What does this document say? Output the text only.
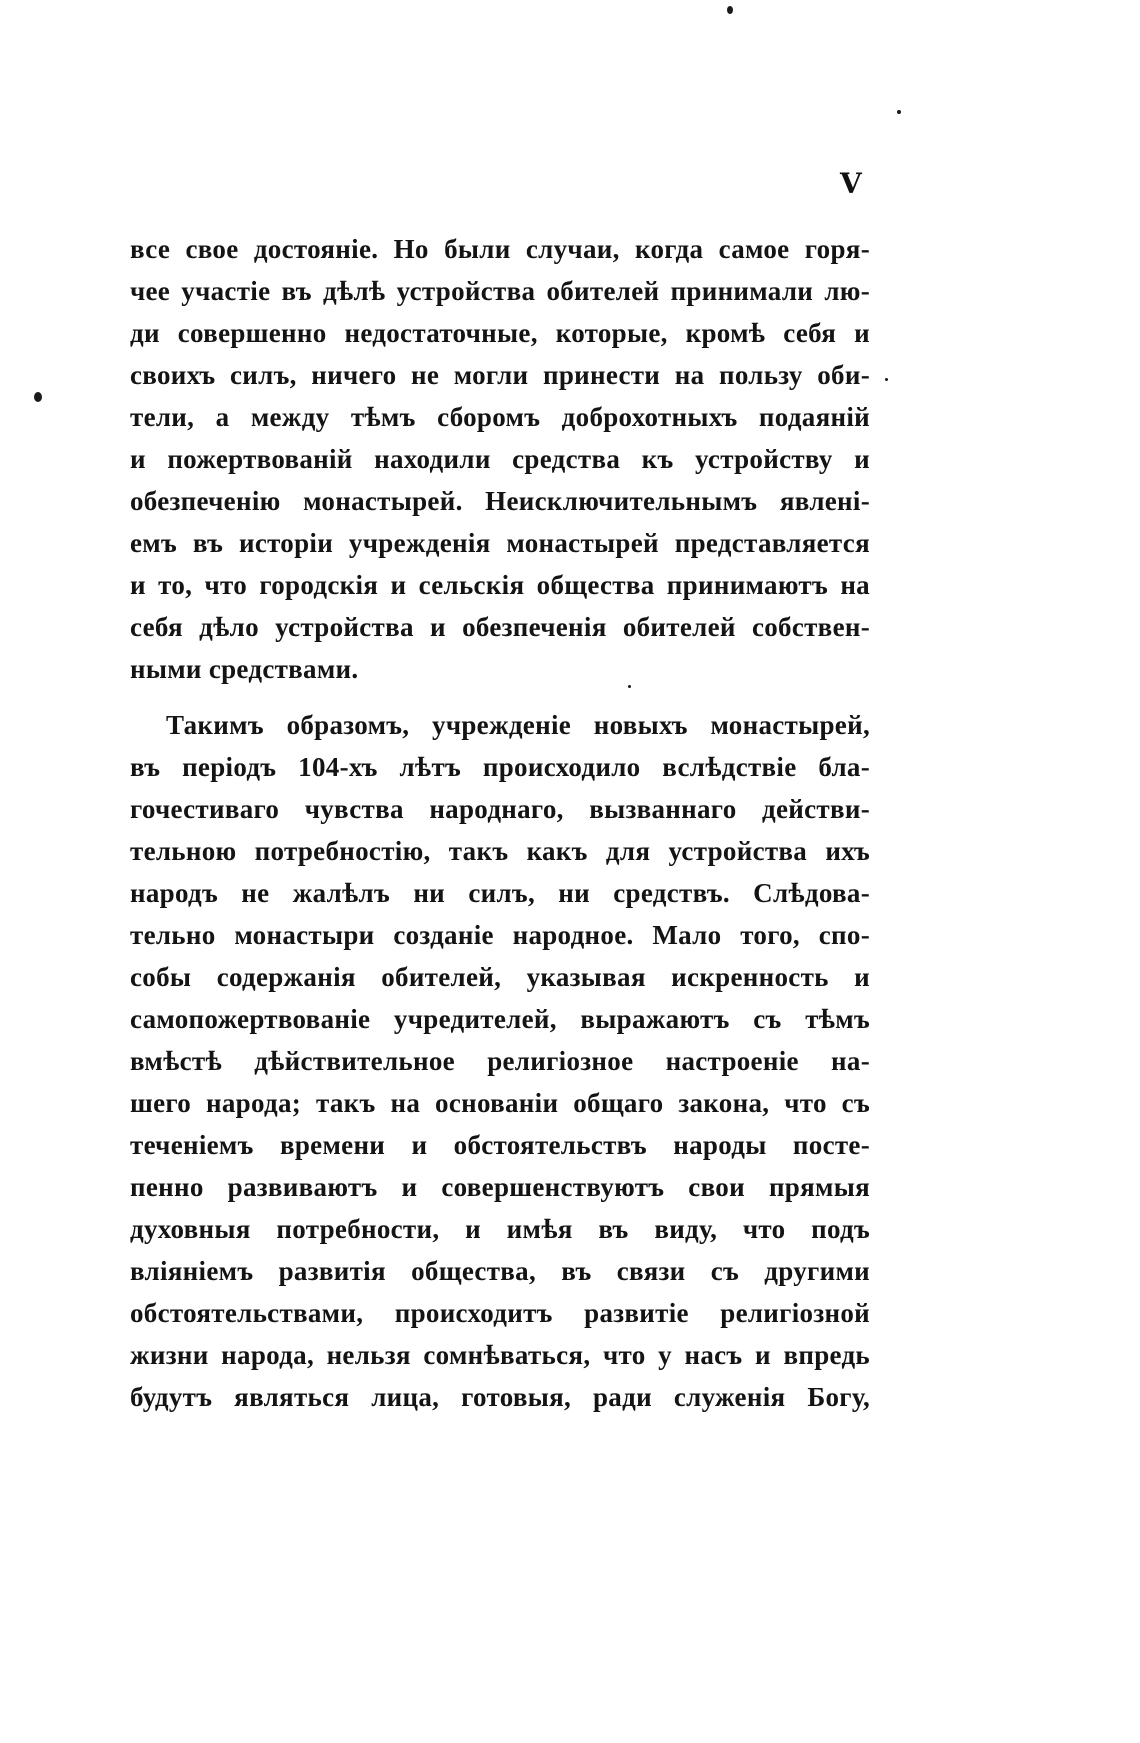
V
все свое достояніе. Но были случаи, когда самое горя-
чее участіе въ дѣлѣ устройства обителей принимали лю-
ди совершенно недостаточные, которые, кромѣ себя и
своихъ силъ, ничего не могли принести на пользу оби-
тели, а между тѣмъ сборомъ доброхотныхъ подаяній
и пожертвованій находили средства къ устройству и
обезпеченію монастырей. Неисключительнымъ явлені-
емъ въ исторіи учрежденія монастырей представляется
и то, что городскія и сельскія общества принимаютъ на
себя дѣло устройства и обезпеченія обителей собствен-
ными средствами.
Такимъ образомъ, учрежденіе новыхъ монастырей,
въ періодъ 104-хъ лѣтъ происходило вслѣдствіе бла-
гочестиваго чувства народнаго, вызваннаго действи-
тельною потребностію, такъ какъ для устройства ихъ
народъ не жалѣлъ ни силъ, ни средствъ. Слѣдова-
тельно монастыри созданіе народное. Мало того, спо-
собы содержанія обителей, указывая искренность и
самопожертвованіе учредителей, выражаютъ съ тѣмъ
вмѣстѣ дѣйствительное религіозное настроеніе на-
шего народа; такъ на основаніи общаго закона, что съ
теченіемъ времени и обстоятельствъ народы посте-
пенно развиваютъ и совершенствуютъ свои прямыя
духовныя потребности, и имѣя въ виду, что подъ
вліяніемъ развитія общества, въ связи съ другими
обстоятельствами, происходитъ развитіе религіозной
жизни народа, нельзя сомнѣваться, что у насъ и впредь
будутъ являться лица, готовыя, ради служенія Богу,
